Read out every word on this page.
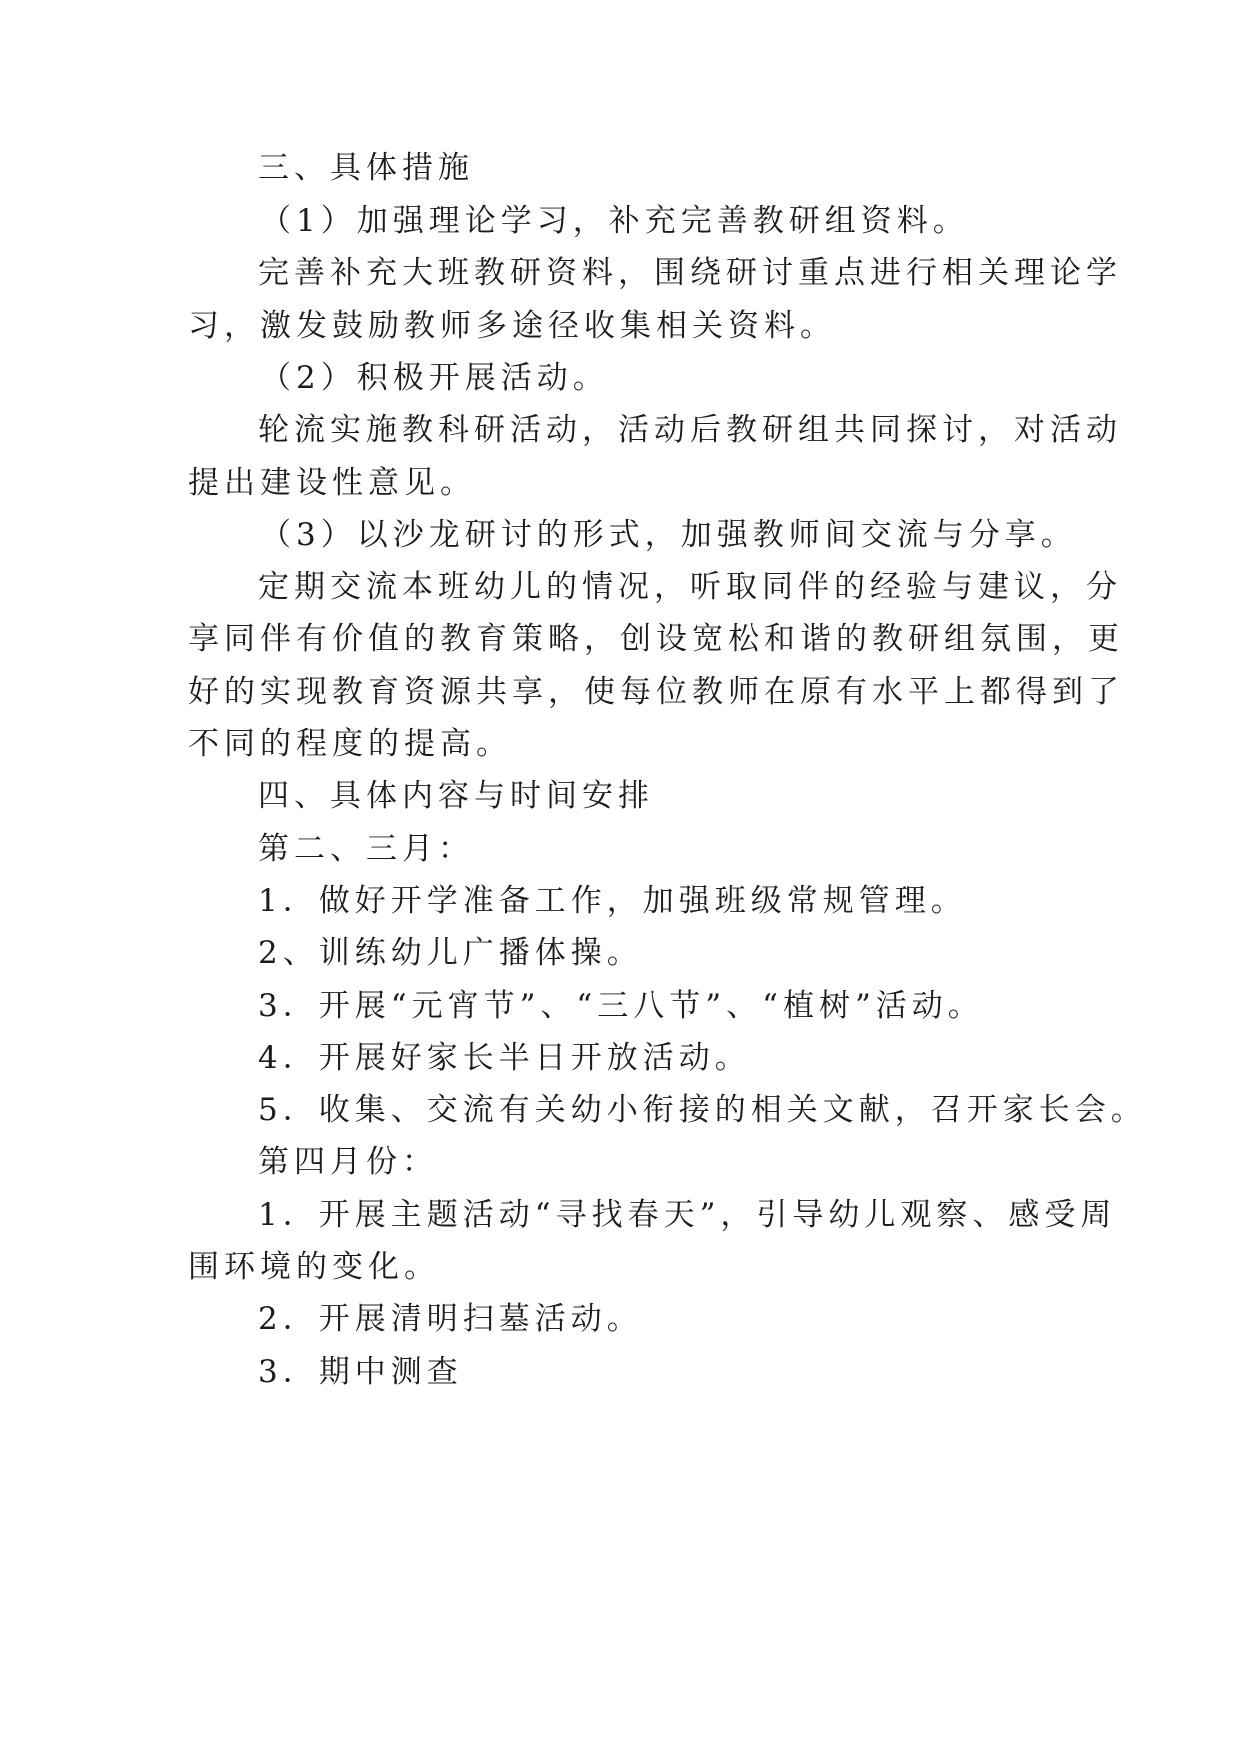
三、具体措施

（1）加强理论学习，补充完善教研组资料。

完善补充大班教研资料，围绕研讨重点进行相关理论学

习，激发鼓励教师多途径收集相关资料。

（2）积极开展活动。

轮流实施教科研活动，活动后教研组共同探讨，对活动

提出建设性意见。

（3）以沙龙研讨的形式，加强教师间交流与分享。

定期交流本班幼儿的情况，听取同伴的经验与建议，分

享同伴有价值的教育策略，创设宽松和谐的教研组氛围，更

好的实现教育资源共享，使每位教师在原有水平上都得到了

不同的程度的提高。

四、具体内容与时间安排

第二、三月：

1．做好开学准备工作，加强班级常规管理。

2、训练幼儿广播体操。

3．开展“元宵节”、“三八节”、“植树”活动。

4．开展好家长半日开放活动。

5．收集、交流有关幼小衔接的相关文献，召开家长会。

第四月份：

1．开展主题活动“寻找春天”，引导幼儿观察、感受周

围环境的变化。

2．开展清明扫墓活动。

3．期中测查
